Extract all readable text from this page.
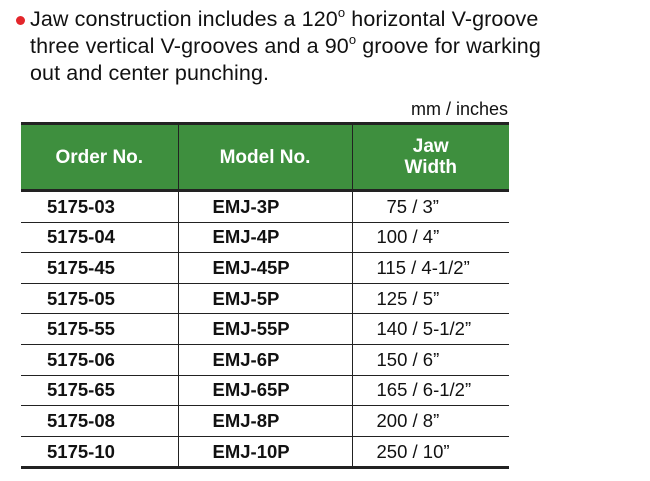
Jaw construction includes a 120$^o$ horizontal V-groove
three vertical V-grooves and a 90$^o$ groove for warking
out and center punching.
mm / inches
Order No.	Model No.	Jaw
Width
5175-03	EMJ-3P	75 / 3”
5175-04	EMJ-4P	100 / 4”
5175-45	EMJ-45P	115 / 4-1/2”
5175-05	EMJ-5P	125 / 5”
5175-55	EMJ-55P	140 / 5-1/2”
5175-06	EMJ-6P	150 / 6”
5175-65	EMJ-65P	165 / 6-1/2”
5175-08	EMJ-8P	200 / 8”
5175-10	EMJ-10P	250 / 10”
